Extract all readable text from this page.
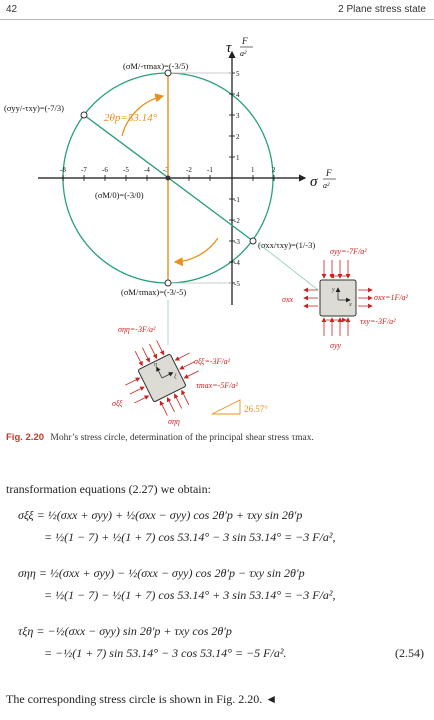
42	2 Plane stress state
-8 -7 -6 -5 -4 -3 -2 -1	1	2
5
4
3
2
1
-1
-2
-3
-4
-5
τ F
a²
σ
F
a²
2θp=53.14°
(σM/-τmax)=(-3/5)
(σyy/-τxy)=(-7/3)
(σM/0)=(-3/0)
(σxx/τxy)=(1/-3)
(σM/τmax)=(-3/-5)	y
x
σyy=-7F/a²
σxx	σxx=1F/a²
τxy=-3F/a²
σyy
η
ξ
σηη=-3F/a²
σξξ=-3F/a²
τmax=-5F/a²
σξξ
σηη
26.57°
Fig. 2.20 Mohr’s stress circle, determination of the principal shear stress τmax.
transformation equations (2.27) we obtain:
σξξ = ½(σxx + σyy) + ½(σxx − σyy) cos 2θ′p + τxy sin 2θ′p
= ½(1 − 7) + ½(1 + 7) cos 53.14° − 3 sin 53.14° = −3 F/a²,
σηη = ½(σxx + σyy) − ½(σxx − σyy) cos 2θ′p − τxy sin 2θ′p
= ½(1 − 7) − ½(1 + 7) cos 53.14° + 3 sin 53.14° = −3 F/a²,
τξη = −½(σxx − σyy) sin 2θ′p + τxy cos 2θ′p
= −½(1 + 7) sin 53.14° − 3 cos 53.14° = −5 F/a².	(2.54)
The corresponding stress circle is shown in Fig. 2.20. ◄
